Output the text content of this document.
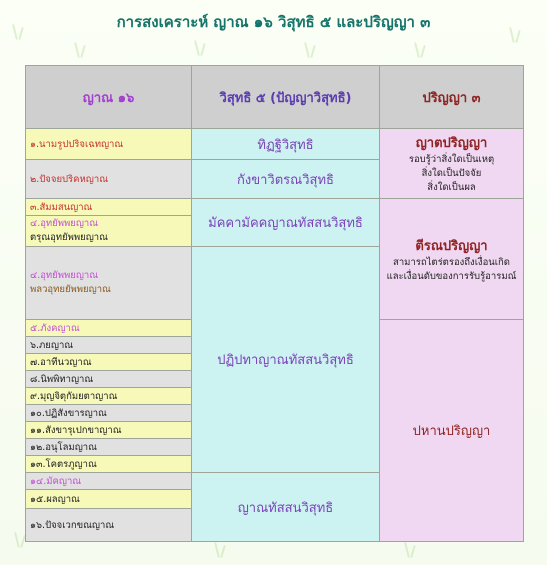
การสงเคราะห์ ญาณ ๑๖ วิสุทธิ ๕ และปริญญา ๓
ญาณ ๑๖	วิสุทธิ ๕ (ปัญญาวิสุทธิ)	ปริญญา ๓
๑.นามรูปปริจเฉทญาณ	ทิฏฐิวิสุทธิ	ญาตปริญญา
รอบรู้ว่าสิ่งใดเป็นเหตุ
สิ่งใดเป็นปัจจัย
สิ่งใดเป็นผล

๒.ปัจจยปริคหญาณ	กังขาวิตรณวิสุทธิ	
๓.สัมมสนญาณ	มัคคามัคคญาณทัสสนวิสุทธิ	ตีรณปริญญา
สามารถไตร่ตรองถึงเงื่อนเกิด
และเงื่อนดับของการรับรู้อารมณ์

๔.อุทยัพพยญาณ
ตรุณอุทยัพพยญาณ		

๔.อุทยัพพยญาณ
พลวอุทยยัพพยญาณ	ปฏิปทาญาณทัสสนวิสุทธิ	
๕.ภังคญาณ		ปหานปริญญา

๖.ภยญาณ		
๗.อาทีนวญาณ		
๘.นิพพิทาญาณ		
๙.มุญจิตุกัมยตาญาณ		
๑๐.ปฏิสังขารญาณ		
๑๑.สังขารุเปกขาญาณ		
๑๒.อนุโลมญาณ		
๑๓.โคตรภูญาณ		
๑๔.มัคญาณ	ญาณทัสสนวิสุทธิ	
๑๕.ผลญาณ		
๑๖.ปัจจเวกขณญาณ		
